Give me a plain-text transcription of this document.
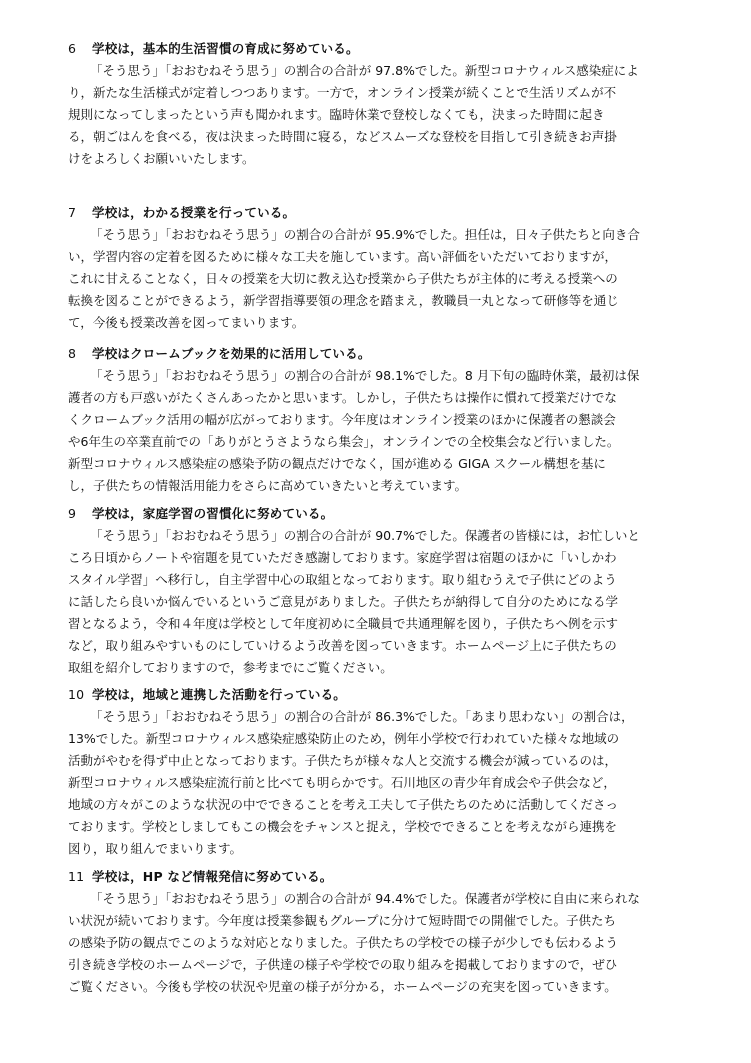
6 学校は，基本的生活習慣の育成に努めている。
「そう思う」「おおむねそう思う」の割合の合計が 97.8%でした。新型コロナウィルス感染症によ
り，新たな生活様式が定着しつつあります。一方で，オンライン授業が続くことで生活リズムが不
規則になってしまったという声も聞かれます。臨時休業で登校しなくても，決まった時間に起き
る，朝ごはんを食べる，夜は決まった時間に寝る，などスムーズな登校を目指して引き続きお声掛
けをよろしくお願いいたします。
7 学校は，わかる授業を行っている。
「そう思う」「おおむねそう思う」の割合の合計が 95.9%でした。担任は，日々子供たちと向き合
い，学習内容の定着を図るために様々な工夫を施しています。高い評価をいただいておりますが，
これに甘えることなく，日々の授業を大切に教え込む授業から子供たちが主体的に考える授業への
転換を図ることができるよう，新学習指導要領の理念を踏まえ，教職員一丸となって研修等を通じ
て，今後も授業改善を図ってまいります。
8 学校はクロームブックを効果的に活用している。
「そう思う」「おおむねそう思う」の割合の合計が 98.1%でした。8 月下旬の臨時休業，最初は保
護者の方も戸惑いがたくさんあったかと思います。しかし，子供たちは操作に慣れて授業だけでな
くクロームブック活用の幅が広がっております。今年度はオンライン授業のほかに保護者の懇談会
や6年生の卒業直前での「ありがとうさようなら集会」，オンラインでの全校集会など行いました。
新型コロナウィルス感染症の感染予防の観点だけでなく，国が進める GIGA スクール構想を基に
し，子供たちの情報活用能力をさらに高めていきたいと考えています。
9 学校は，家庭学習の習慣化に努めている。
「そう思う」「おおむねそう思う」の割合の合計が 90.7%でした。保護者の皆様には，お忙しいと
ころ日頃からノートや宿題を見ていただき感謝しております。家庭学習は宿題のほかに「いしかわ
スタイル学習」へ移行し，自主学習中心の取組となっております。取り組むうえで子供にどのよう
に話したら良いか悩んでいるというご意見がありました。子供たちが納得して自分のためになる学
習となるよう，令和４年度は学校として年度初めに全職員で共通理解を図り，子供たちへ例を示す
など，取り組みやすいものにしていけるよう改善を図っていきます。ホームページ上に子供たちの
取組を紹介しておりますので，参考までにご覧ください。
10 学校は，地域と連携した活動を行っている。
「そう思う」「おおむねそう思う」の割合の合計が 86.3%でした。「あまり思わない」の割合は，
13%でした。新型コロナウィルス感染症感染防止のため，例年小学校で行われていた様々な地域の
活動がやむを得ず中止となっております。子供たちが様々な人と交流する機会が減っているのは，
新型コロナウィルス感染症流行前と比べても明らかです。石川地区の青少年育成会や子供会など，
地域の方々がこのような状況の中でできることを考え工夫して子供たちのために活動してくださっ
ております。学校としましてもこの機会をチャンスと捉え，学校でできることを考えながら連携を
図り，取り組んでまいります。
11 学校は，HP など情報発信に努めている。
「そう思う」「おおむねそう思う」の割合の合計が 94.4%でした。保護者が学校に自由に来られな
い状況が続いております。今年度は授業参観もグループに分けて短時間での開催でした。子供たち
の感染予防の観点でこのような対応となりました。子供たちの学校での様子が少しでも伝わるよう
引き続き学校のホームページで，子供達の様子や学校での取り組みを掲載しておりますので，ぜひ
ご覧ください。今後も学校の状況や児童の様子が分かる，ホームページの充実を図っていきます。
